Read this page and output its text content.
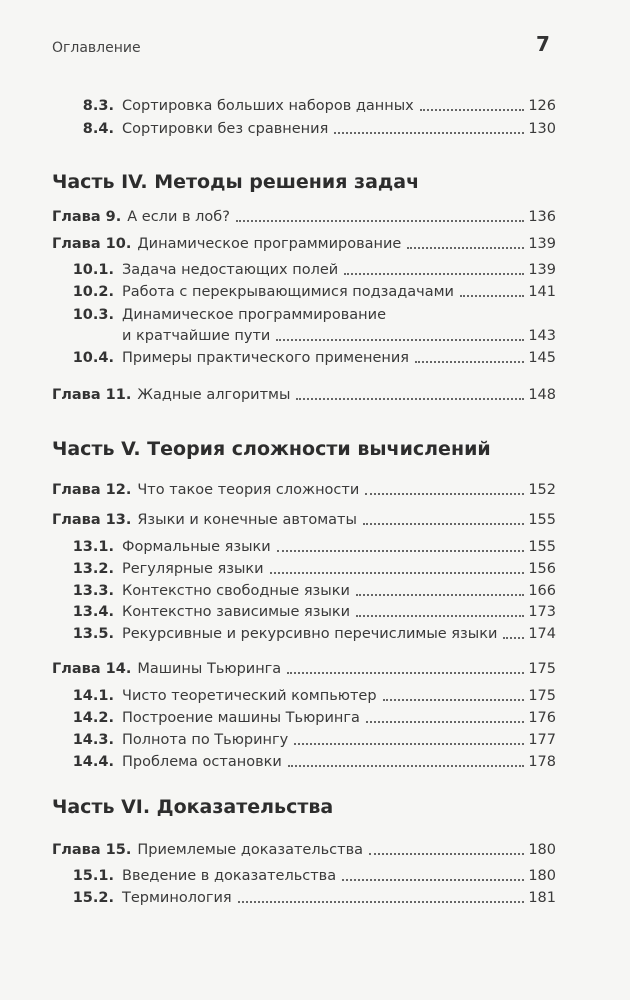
Оглавление	7
8.3. Сортировка больших наборов данных	126
8.4. Сортировки без сравнения	130
Часть IV. Методы решения задач
Глава 9. А если в лоб?	136
Глава 10. Динамическое программирование	139
10.1. Задача недостающих полей	139
10.2. Работа с перекрывающимися подзадачами	141
10.3. Динамическое программирование
и кратчайшие пути	143
10.4. Примеры практического применения	145
Глава 11. Жадные алгоритмы	148
Часть V. Теория сложности вычислений
Глава 12. Что такое теория сложности	152
Глава 13. Языки и конечные автоматы	155
13.1. Формальные языки	155
13.2. Регулярные языки	156
13.3. Контекстно свободные языки	166
13.4. Контекстно зависимые языки	173
13.5. Рекурсивные и рекурсивно перечислимые языки 174
Глава 14. Машины Тьюринга	175
14.1. Чисто теоретический компьютер	175
14.2. Построение машины Тьюринга	176
14.3. Полнота по Тьюрингу	177
14.4. Проблема остановки	178
Часть VI. Доказательства
Глава 15. Приемлемые доказательства	180
15.1. Введение в доказательства	180
15.2. Терминология	181
